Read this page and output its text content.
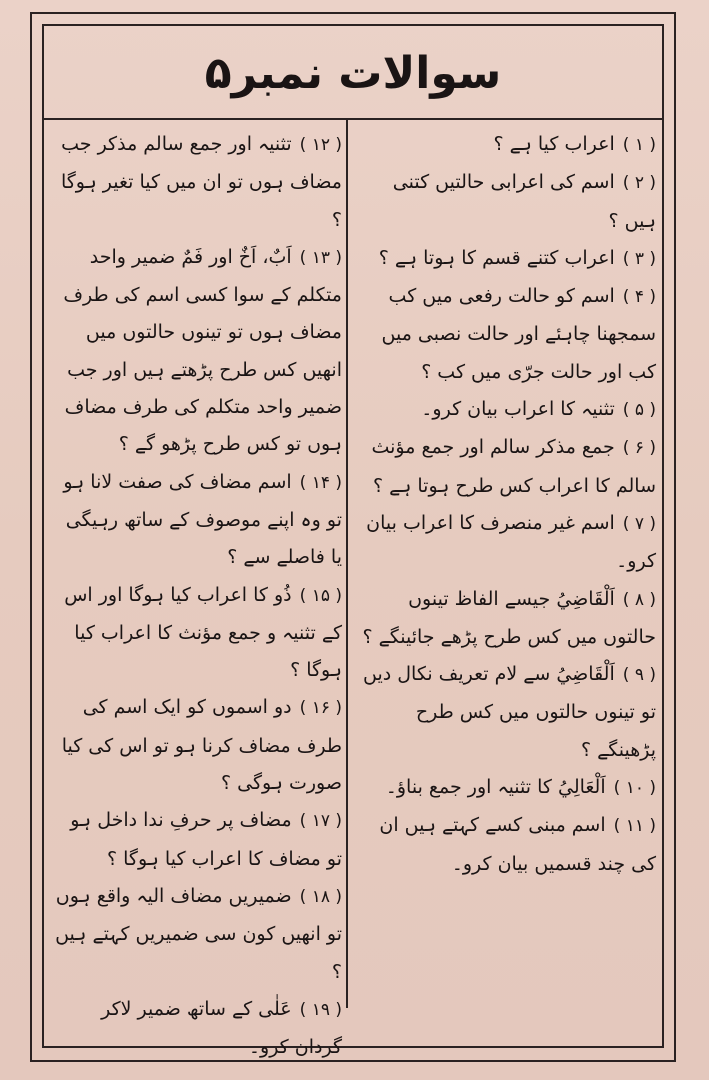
سوالات نمبر۵

( ۱ )اعراب کیا ہے ؟

( ۲ )اسم کی اعرابی حالتیں کتنی ہیں ؟

( ۳ )اعراب کتنے قسم کا ہوتا ہے ؟

( ۴ )اسم کو حالت رفعی میں کب سمجھنا چاہئے اور حالت نصبی میں کب اور حالت جرّی میں کب ؟

( ۵ )تثنیہ کا اعراب بیان کرو۔

( ۶ )جمع مذکر سالم اور جمع مؤنث سالم کا اعراب کس طرح ہوتا ہے ؟

( ۷ )اسم غیر منصرف کا اعراب بیان کرو۔

( ۸ )اَلْقَاضِيُ جیسے الفاظ تینوں حالتوں میں کس طرح پڑھے جائینگے ؟

( ۹ )اَلْقَاضِيُ سے لام تعریف نکال دیں تو تینوں حالتوں میں کس طرح پڑھینگے ؟

( ۱۰ )اَلْعَالِيُ کا تثنیہ اور جمع بناؤ۔

( ۱۱ )اسم مبنی کسے کہتے ہیں ان کی چند قسمیں بیان کرو۔

( ۱۲ )تثنیہ اور جمع سالم مذکر جب مضاف ہوں تو ان میں کیا تغیر ہوگا ؟

( ۱۳ )اَبٌ، اَخٌ اور فَمٌ ضمیر واحد متکلم کے سوا کسی اسم کی طرف مضاف ہوں تو تینوں حالتوں میں انھیں کس طرح پڑھتے ہیں اور جب ضمیر واحد متکلم کی طرف مضاف ہوں تو کس طرح پڑھو گے ؟

( ۱۴ )اسم مضاف کی صفت لانا ہو تو وہ اپنے موصوف کے ساتھ رہیگی یا فاصلے سے ؟

( ۱۵ )ذُو کا اعراب کیا ہوگا اور اس کے تثنیہ و جمع مؤنث کا اعراب کیا ہوگا ؟

( ۱۶ )دو اسموں کو ایک اسم کی طرف مضاف کرنا ہو تو اس کی کیا صورت ہوگی ؟

( ۱۷ )مضاف پر حرفِ ندا داخل ہو تو مضاف کا اعراب کیا ہوگا ؟

( ۱۸ )ضمیریں مضاف الیہ واقع ہوں تو انھیں کون سی ضمیریں کہتے ہیں ؟

( ۱۹ )عَلٰی کے ساتھ ضمیر لاکر گردان کرو۔
